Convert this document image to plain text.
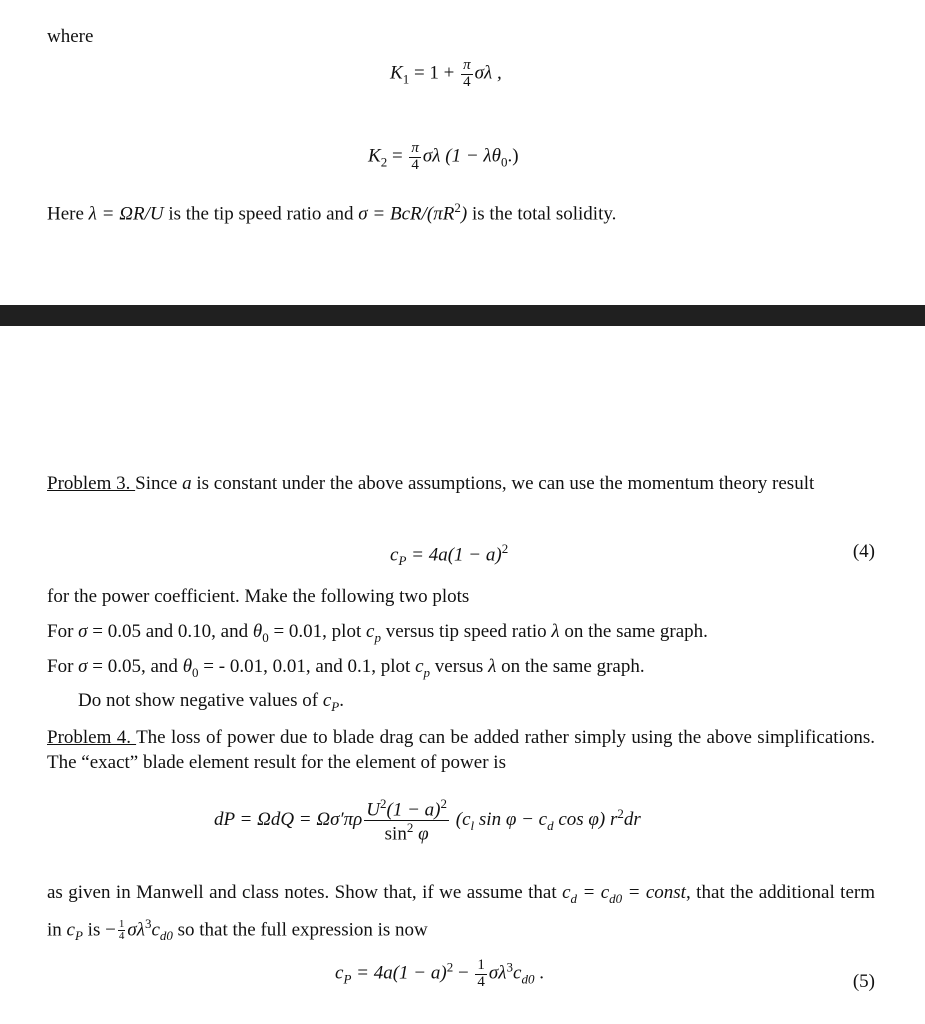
where
$K_1 = 1 + \frac{\pi}{4}$ σλ ,
$K_2 = \frac{\pi}{4}$ σλ $(1 - \lambda\theta_0.)$
Here λ = ΩR/U is the tip speed ratio and σ = BcR/$(\pi R^2)$ is the total solidity.
Problem 3. Since a is constant under the above assumptions, we can use the momentum theory result
$c_P = 4a(1 - a)^2$	(4)
for the power coefficient. Make the following two plots
For σ = 0.05 and 0.10, and $\theta_0 = 0.01$, plot $c_p$ versus tip speed ratio λ on the same graph.
For σ = 0.05, and $\theta_0$ = - 0.01, 0.01, and 0.1, plot $c_p$ versus λ on the same graph.
Do not show negative values of $c_P$.
Problem 4. The loss of power due to blade drag can be added rather simply using the above simplifications. The “exact” blade element result for the element of power is
dP = $\Omega dQ = \Omega\sigma'\pi\rho \frac{U^2(1 - a)^2}{\sin^2 \varphi} (c_l$ $\sin \varphi - c_d$ cos φ) $r^2dr$
as given in Manwell and class notes. Show that, if we assume that $c_d = c_{d0}$ = const, that the additional term in $c_P$ is − $\frac{1}{4} \sigma\lambda^3c_{d0}$ so that the full expression is now
$c_P = 4a(1 - a)^2 - \frac{1}{4} \sigma\lambda^3c_{d0}$ .	(5)
